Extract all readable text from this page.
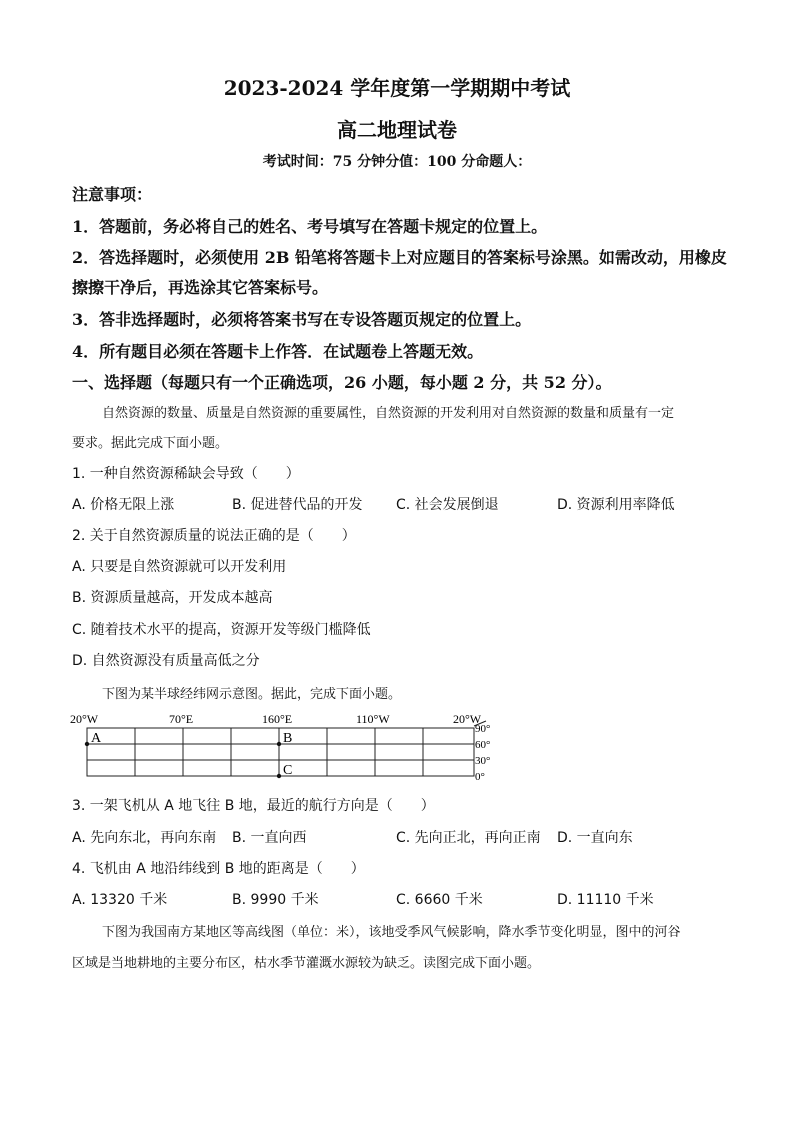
2023-2024 学年度第一学期期中考试
高二地理试卷
考试时间：75 分钟分值：100 分命题人：
注意事项：
1．答题前，务必将自己的姓名、考号填写在答题卡规定的位置上。
2．答选择题时，必须使用 2B 铅笔将答题卡上对应题目的答案标号涂黑。如需改动，用橡皮
擦擦干净后，再选涂其它答案标号。
3．答非选择题时，必须将答案书写在专设答题页规定的位置上。
4．所有题目必须在答题卡上作答．在试题卷上答题无效。
一、选择题（每题只有一个正确选项，26 小题，每小题 2 分，共 52 分）。
自然资源的数量、质量是自然资源的重要属性，自然资源的开发利用对自然资源的数量和质量有一定
要求。据此完成下面小题。
1. 一种自然资源稀缺会导致（　　）
A. 价格无限上涨	B. 促进替代品的开发 C. 社会发展倒退	D. 资源利用率降低
2. 关于自然资源质量的说法正确的是（　　）
A. 只要是自然资源就可以开发利用
B. 资源质量越高，开发成本越高
C. 随着技术水平的提高，资源开发等级门槛降低
D. 自然资源没有质量高低之分
下图为某半球经纬网示意图。据此，完成下面小题。
20°W	70°E	160°E	110°W	20°W
A	B
C
90°
60°
30°
0°
3. 一架飞机从 A 地飞往 B 地，最近的航行方向是（　　）
A. 先向东北，再向东南 B. 一直向西	C. 先向正北，再向正南 D. 一直向东
4. 飞机由 A 地沿纬线到 B 地的距离是（　　）
A. 13320 千米	B. 9990 千米	C. 6660 千米	D. 11110 千米
下图为我国南方某地区等高线图（单位：米），该地受季风气候影响，降水季节变化明显，图中的河谷
区域是当地耕地的主要分布区，枯水季节灌溉水源较为缺乏。读图完成下面小题。
